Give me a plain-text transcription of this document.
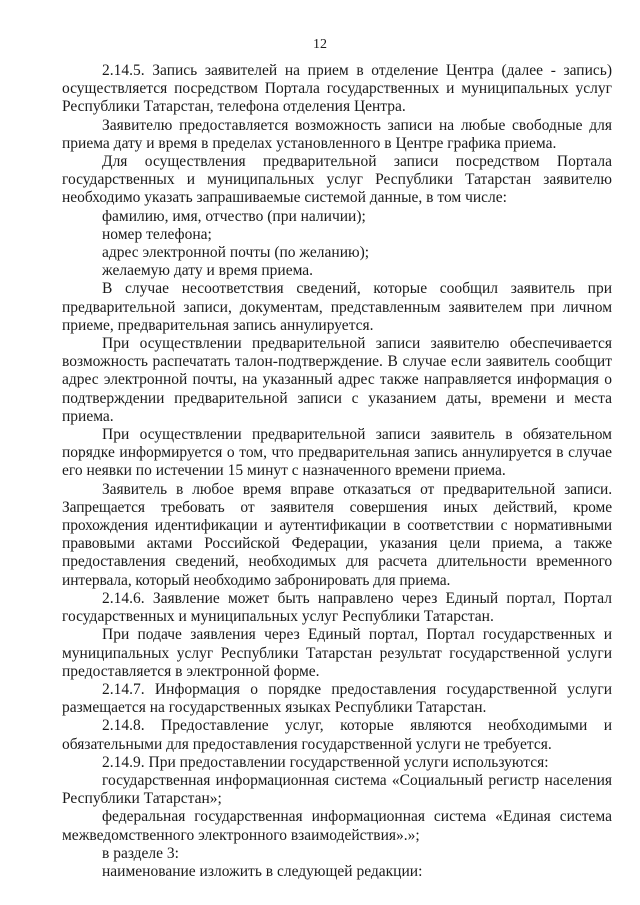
12

2.14.5. Запись заявителей на прием в отделение Центра (далее - запись) осуществляется посредством Портала государственных и муниципальных услуг Республики Татарстан, телефона отделения Центра.

Заявителю предоставляется возможность записи на любые свободные для приема дату и время в пределах установленного в Центре графика приема.

Для осуществления предварительной записи посредством Портала государственных и муниципальных услуг Республики Татарстан заявителю необходимо указать запрашиваемые системой данные, в том числе:

фамилию, имя, отчество (при наличии);

номер телефона;

адрес электронной почты (по желанию);

желаемую дату и время приема.

В случае несоответствия сведений, которые сообщил заявитель при предварительной записи, документам, представленным заявителем при личном приеме, предварительная запись аннулируется.

При осуществлении предварительной записи заявителю обеспечивается возможность распечатать талон-подтверждение. В случае если заявитель сообщит адрес электронной почты, на указанный адрес также направляется информация о подтверждении предварительной записи с указанием даты, времени и места приема.

При осуществлении предварительной записи заявитель в обязательном порядке информируется о том, что предварительная запись аннулируется в случае его неявки по истечении 15 минут с назначенного времени приема.

Заявитель в любое время вправе отказаться от предварительной записи. Запрещается требовать от заявителя совершения иных действий, кроме прохождения идентификации и аутентификации в соответствии с нормативными правовыми актами Российской Федерации, указания цели приема, а также предоставления сведений, необходимых для расчета длительности временного интервала, который необходимо забронировать для приема.

2.14.6. Заявление может быть направлено через Единый портал, Портал государственных и муниципальных услуг Республики Татарстан.

При подаче заявления через Единый портал, Портал государственных и муниципальных услуг Республики Татарстан результат государственной услуги предоставляется в электронной форме.

2.14.7. Информация о порядке предоставления государственной услуги размещается на государственных языках Республики Татарстан.

2.14.8. Предоставление услуг, которые являются необходимыми и обязательными для предоставления государственной услуги не требуется.

2.14.9. При предоставлении государственной услуги используются:

государственная информационная система «Социальный регистр населения Республики Татарстан»;

федеральная государственная информационная система «Единая система межведомственного электронного взаимодействия».»;

в разделе 3:

наименование изложить в следующей редакции:
